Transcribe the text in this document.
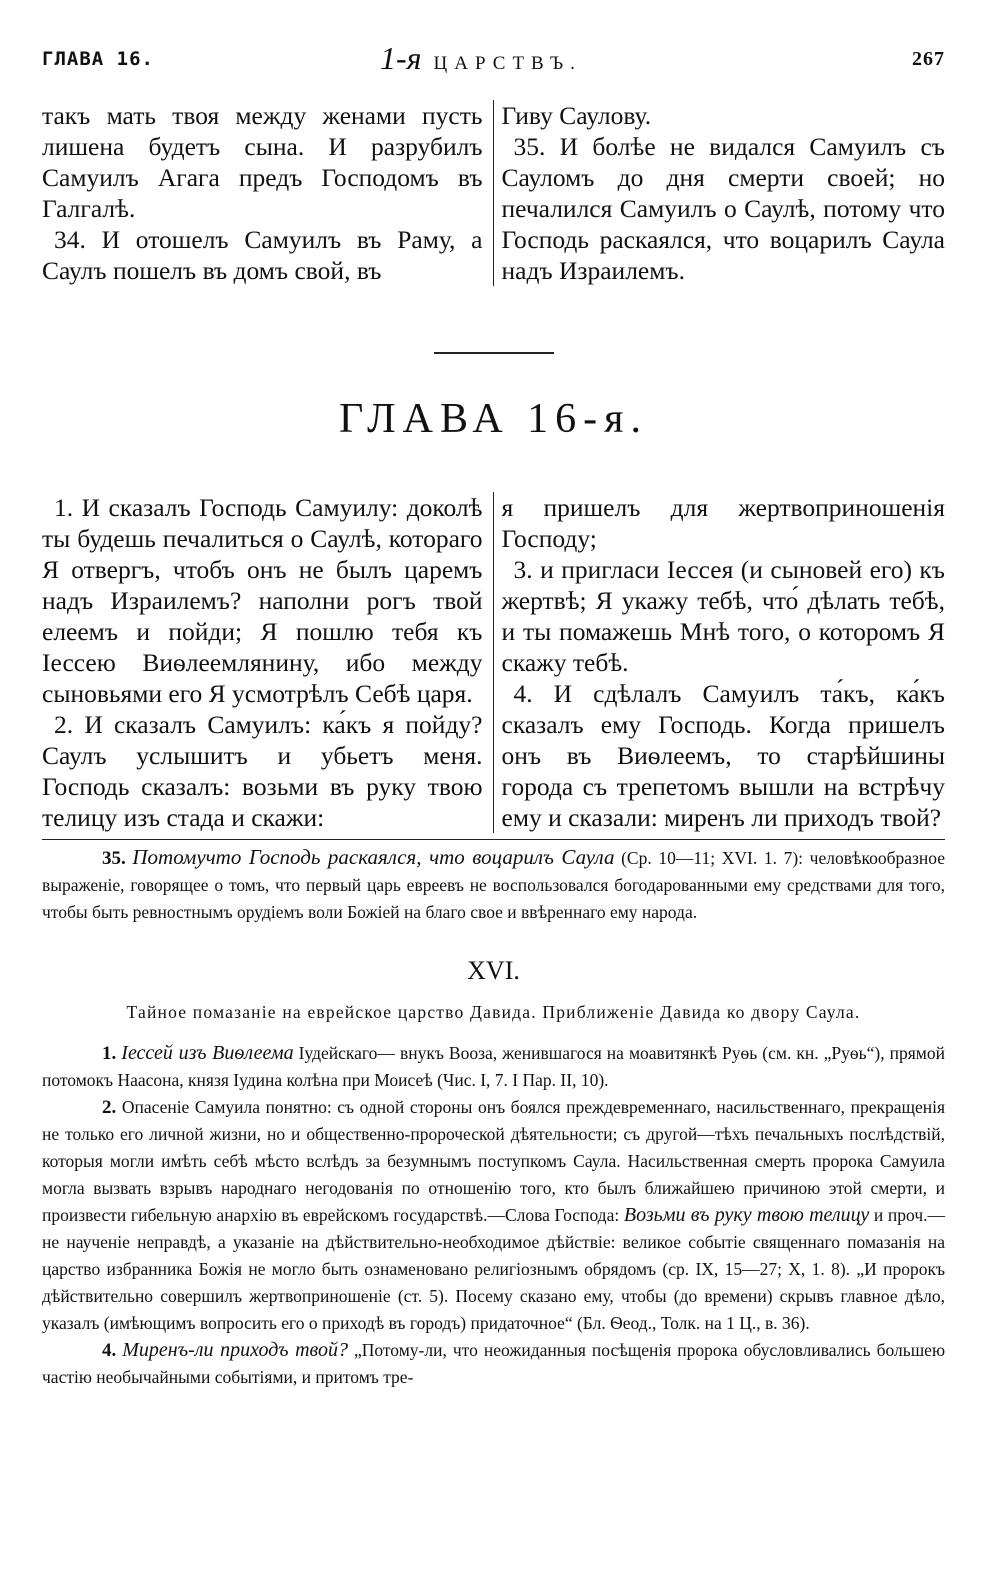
ГЛАВА 16.	1-я ЦАРСТВЪ.	267

такъ мать твоя между женами пусть лишена будетъ сына. И разрубилъ Самуилъ Агага предъ Господомъ въ Галгалѣ.

34. И отошелъ Самуилъ въ Раму, а Саулъ пошелъ въ домъ свой, въ

Гиву Саулову.

35. И болѣе не видался Самуилъ съ Сауломъ до дня смерти своей; но печалился Самуилъ о Саулѣ, потому что Господь раскаялся, что воцарилъ Саула надъ Израилемъ.

ГЛАВА 16-я.

1. И сказалъ Господь Самуилу: доколѣ ты будешь печалиться о Саулѣ, котораго Я отвергъ, чтобъ онъ не былъ царемъ надъ Израилемъ? наполни рогъ твой елеемъ и пойди; Я пошлю тебя къ Іессею Виѳлеемлянину, ибо между сыновьями его Я усмотрѣлъ Себѣ царя.

2. И сказалъ Самуилъ: ка́къ я пойду? Саулъ услышитъ и убьетъ меня. Господь сказалъ: возьми въ руку твою телицу изъ стада и скажи:

я пришелъ для жертвоприношенія Господу;

3. и пригласи Іессея (и сыновей его) къ жертвѣ; Я укажу тебѣ, что́ дѣлать тебѣ, и ты помажешь Мнѣ того, о которомъ Я скажу тебѣ.

4. И сдѣлалъ Самуилъ та́къ, ка́къ сказалъ ему Господь. Когда пришелъ онъ въ Виѳлеемъ, то старѣйшины города съ трепетомъ вышли на встрѣчу ему и сказали: миренъ ли приходъ твой?

35. Потомучто Господь раскаялся, что воцарилъ Саула (Ср. 10—11; XVI. 1. 7): человѣкообразное выраженіе, говорящее о томъ, что первый царь евреевъ не воспользовался богодарованными ему средствами для того, чтобы быть ревностнымъ орудіемъ воли Божіей на благо свое и ввѣреннаго ему народа.

XVI.
Тайное помазаніе на еврейское царство Давида. Приближеніе Давида ко двору Саула.

1. Іессей изъ Виѳлеема Іудейскаго— внукъ Вооза, женившагося на моавитянкѣ Руѳь (см. кн. „Руѳь“), прямой потомокъ Наасона, князя Іудина колѣна при Моисеѣ (Чис. I, 7. I Пар. II, 10).

2. Опасеніе Самуила понятно: съ одной стороны онъ боялся преждевременнаго, насильственнаго, прекращенія не только его личной жизни, но и общественно-пророческой дѣятельности; съ другой—тѣхъ печальныхъ послѣдствій, которыя могли имѣть себѣ мѣсто вслѣдъ за безумнымъ поступкомъ Саула. Насильственная смерть пророка Самуила могла вызвать взрывъ народнаго негодованія по отношенію того, кто былъ ближайшею причиною этой смерти, и произвести гибельную анархію въ еврейскомъ государствѣ.—Слова Господа: Возьми въ руку твою телицу и проч.—не наученіе неправдѣ, а указаніе на дѣйствительно-необходимое дѣйствіе: великое событіе священнаго помазанія на царство избранника Божія не могло быть ознаменовано религіознымъ обрядомъ (ср. IX, 15—27; X, 1. 8). „И пророкъ дѣйствительно совершилъ жертвоприношеніе (ст. 5). Посему сказано ему, чтобы (до времени) скрывъ главное дѣло, указалъ (имѣющимъ вопросить его о приходѣ въ городъ) придаточное“ (Бл. Ѳеод., Толк. на 1 Ц., в. 36).

4. Миренъ-ли приходъ твой? „Потому-ли, что неожиданныя посѣщенія пророка обусловливались большею частію необычайными событіями, и притомъ тре-
